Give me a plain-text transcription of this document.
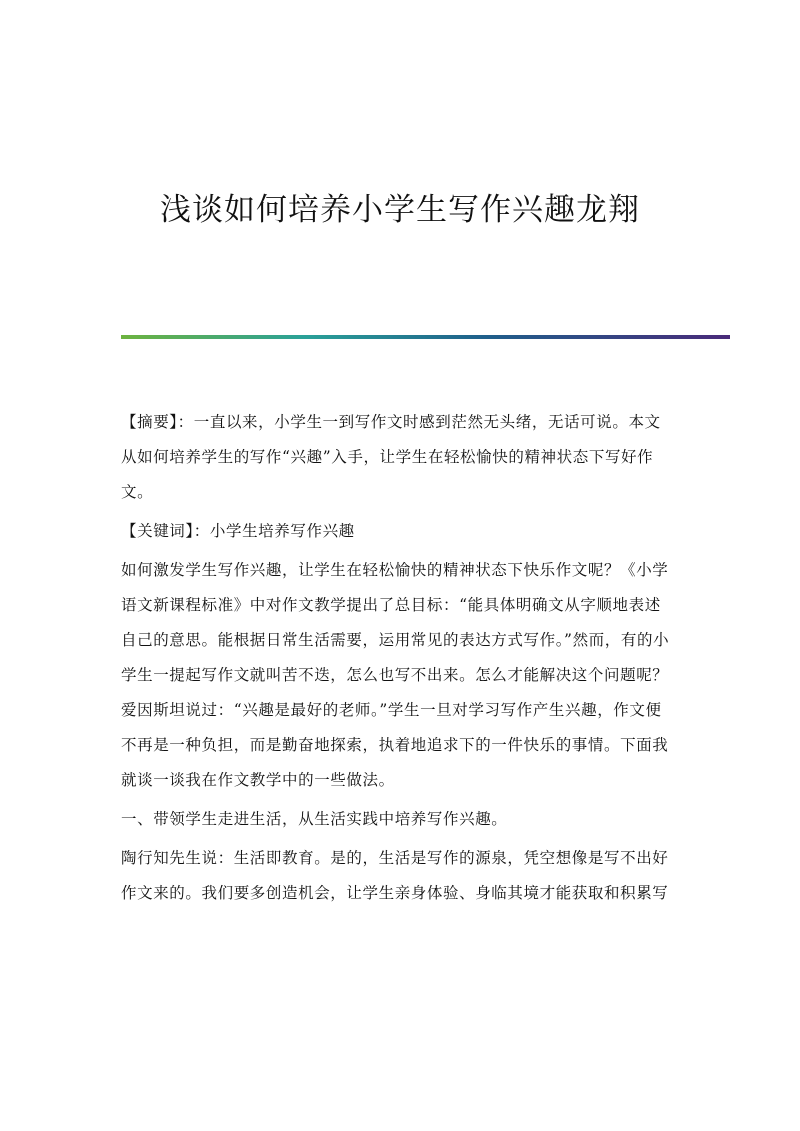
浅谈如何培养小学生写作兴趣龙翔

【摘要】：一直以来，小学生一到写作文时感到茫然无头绪，无话可说。本文从如何培养学生的写作“兴趣”入手，让学生在轻松愉快的精神状态下写好作文。

【关键词】：小学生培养写作兴趣

如何激发学生写作兴趣，让学生在轻松愉快的精神状态下快乐作文呢？《小学语文新课程标准》中对作文教学提出了总目标：“能具体明确文从字顺地表述自己的意思。能根据日常生活需要，运用常见的表达方式写作。”然而，有的小学生一提起写作文就叫苦不迭，怎么也写不出来。怎么才能解决这个问题呢？爱因斯坦说过：“兴趣是最好的老师。”学生一旦对学习写作产生兴趣，作文便不再是一种负担，而是勤奋地探索，执着地追求下的一件快乐的事情。下面我就谈一谈我在作文教学中的一些做法。

一、带领学生走进生活，从生活实践中培养写作兴趣。

陶行知先生说：生活即教育。是的，生活是写作的源泉，凭空想像是写不出好作文来的。我们要多创造机会，让学生亲身体验、身临其境才能获取和积累写
